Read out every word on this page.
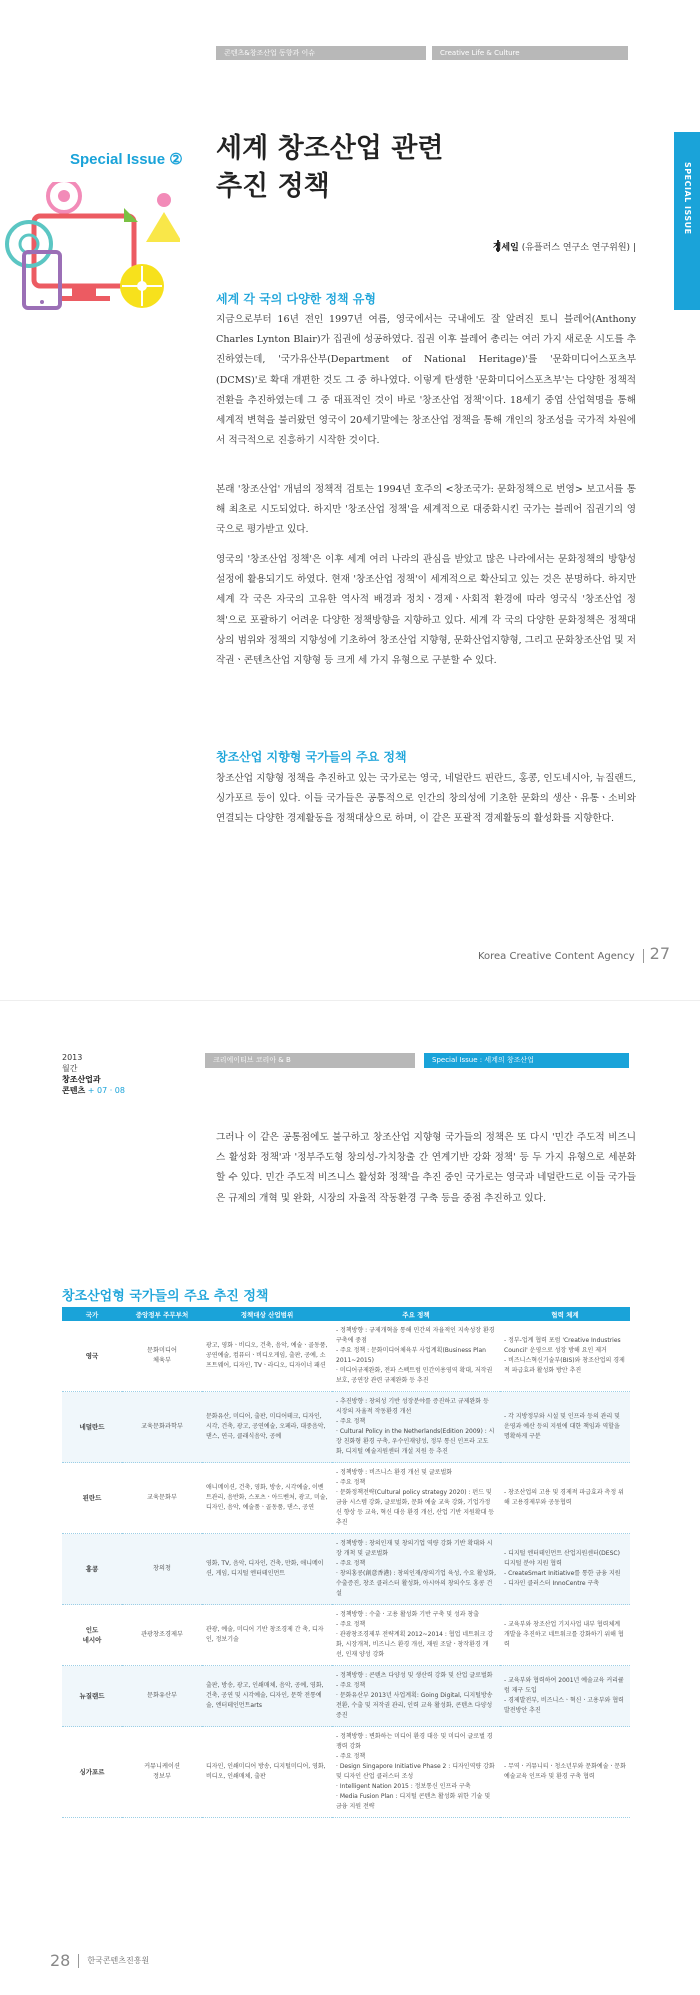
콘텐츠&창조산업 동향과 이슈	Creative Life & Culture
SPECIAL ISSUE
Special Issue ② 세계 창조산업 관련
추진 정책
정세일 (유플러스 연구소 연구위원) |
세계 각 국의 다양한 정책 유형

지금으로부터 16년 전인 1997년 여름, 영국에서는 국내에도 잘 알려진 토니 블레어(Anthony Charles Lynton Blair)가 집권에 성공하였다. 집권 이후 블레어 총리는 여러 가지 새로운 시도를 추진하였는데, '국가유산부(Department of National Heritage)'를 '문화미디어스포츠부(DCMS)'로 확대 개편한 것도 그 중 하나였다. 이렇게 탄생한 '문화미디어스포츠부'는 다양한 정책적 전환을 추진하였는데 그 중 대표적인 것이 바로 '창조산업 정책'이다. 18세기 중엽 산업혁명을 통해 세계적 변혁을 불러왔던 영국이 20세기말에는 창조산업 정책을 통해 개인의 창조성을 국가적 차원에서 적극적으로 진흥하기 시작한 것이다.

본래 '창조산업' 개념의 정책적 검토는 1994년 호주의 <창조국가: 문화정책으로 번영> 보고서를 통해 최초로 시도되었다. 하지만 '창조산업 정책'을 세계적으로 대중화시킨 국가는 블레어 집권기의 영국으로 평가받고 있다.

영국의 '창조산업 정책'은 이후 세계 여러 나라의 관심을 받았고 많은 나라에서는 문화정책의 방향성 설정에 활용되기도 하였다. 현재 '창조산업 정책'이 세계적으로 확산되고 있는 것은 분명하다. 하지만 세계 각 국은 자국의 고유한 역사적 배경과 정치ㆍ경제ㆍ사회적 환경에 따라 영국식 '창조산업 정책'으로 포괄하기 어려운 다양한 정책방향을 지향하고 있다. 세계 각 국의 다양한 문화정책은 정책대상의 범위와 정책의 지향성에 기초하여 창조산업 지향형, 문화산업지향형, 그리고 문화창조산업 및 저작권ㆍ콘텐츠산업 지향형 등 크게 세 가지 유형으로 구분할 수 있다.

창조산업 지향형 국가들의 주요 정책

창조산업 지향형 정책을 추진하고 있는 국가로는 영국, 네덜란드 핀란드, 홍콩, 인도네시아, 뉴질랜드, 싱가포르 등이 있다. 이들 국가들은 공통적으로 인간의 창의성에 기초한 문화의 생산ㆍ유통ㆍ소비와 연결되는 다양한 경제활동을 정책대상으로 하며, 이 같은 포괄적 경제활동의 활성화를 지향한다.

Korea Creative Content Agency 27
2013
월간
창조산업과
콘텐츠 + 07 · 08
크리에이티브 코리아 & B	Special Issue : 세계의 창조산업

그러나 이 같은 공통점에도 불구하고 창조산업 지향형 국가들의 정책은 또 다시 '민간 주도적 비즈니스 활성화 정책'과 '정부주도형 창의성-가치창출 간 연계기반 강화 정책' 등 두 가지 유형으로 세분화 할 수 있다. 민간 주도적 비즈니스 활성화 정책'을 추진 중인 국가로는 영국과 네덜란드로 이들 국가들은 규제의 개혁 및 완화, 시장의 자율적 작동환경 구축 등을 중점 추진하고 있다.

창조산업형 국가들의 주요 추진 정책
국가	중앙정부 주무부처	정책대상 산업범위	주요 정책	협력 체계
영국	문화미디어
체육부	광고, 영화ㆍ비디오, 건축, 음악, 예술ㆍ골동품, 공연예술, 컴퓨터ㆍ비디오게임, 출판, 공예, 소프트웨어, 디자인, TVㆍ라디오, 디자이너 패션	- 정책방향 : 규제개혁을 통해 민간의 자율적인 지속성장 환경 구축에 중점
- 주요 정책 : 문화미디어체육부 사업계획(Business Plan 2011~2015)
· 미디어규제완화, 전파 스펙트럼 민간이용영역 확대, 저작권 보호, 공연장 관련 규제완화 등 추진	- 정부-업계 협력 포럼 'Creative Industries Council' 운영으로 성장 방해 요인 제거
- 비즈니스혁신기술부(BIS)와 창조산업의 경제적 파급효과 활성화 방안 추진
네덜란드	교육문화과학부	문화유산, 미디어, 출판, 미디어테크, 디자인, 시각, 건축, 광고, 공연예술, 오페라, 대중음악, 댄스, 연극, 클래식음악, 공예	- 추진방향 : 창의성 기반 성장분야를 증진하고 규제완화 등 시장의 자율적 작동환경 개선
- 주요 정책
· Cultural Policy in the Netherlands(Edition 2009) : 시장 친화형 환경 구축, 우수인재양성, 정부 통신 인프라 고도화, 디지털 예술지원센터 개설 지원 등 추진	- 각 지방정부와 시설 및 인프라 등의 관리 및 운영과 예산 등의 지원에 대한 책임과 역할을 명확하게 구분
핀란드	교육문화부	애니메이션, 건축, 영화, 방송, 시각예술, 이벤트관리, 음반화, 스포츠ㆍ아드벤처, 광고, 미술, 디자인, 음악, 예술품ㆍ골동품, 댄스, 공연	- 정책방향 : 비즈니스 환경 개선 및 글로벌화
- 주요 정책
· 문화정책전략(Cultural policy strategy 2020) : 펀드 및 금융 시스템 강화, 글로벌화, 문화 예술 교육 강화, 기업가정신 향상 등 교육, 혁신 대응 환경 개선, 산업 기반 지원확대 등 추진	- 창조산업의 고용 및 경제적 파급효과 측정 위해 고용경제부와 공동협력
홍콩	창의청	영화, TV, 음악, 디자인, 건축, 만화, 애니메이션, 게임, 디지털 엔터테인먼트	- 정책방향 : 창의인재 및 창의기업 역량 강화 기반 확대와 시장 개척 및 글로벌화
- 주요 정책
· 창의홍콩(創意香港) : 창의인재/창의기업 육성, 수요 활성화, 수출증진, 창조 클러스터 활성화, 아시아의 창의수도 홍콩 건설	- 디지털 엔터테인먼트 산업지원센터(DESC) 디지털 분야 지원 협력
- CreateSmart Initiative를 통한 금융 지원
- 디자인 클러스터 InnoCentre 구축
인도
네시아	관광창조경제부	관광, 예술, 미디어 기반 창조경제 간 축, 디자인, 정보기술	- 정책방향 : 수출ㆍ고용 활성화 기반 구축 및 성과 창출
- 주요 정책
· 관광창조경제부 전략계획 2012~2014 : 협업 네트워크 강화, 시장개척, 비즈니스 환경 개선, 재원 조달ㆍ창작환경 개선, 인재 양성 강화	- 교육부와 창조산업 기지사업 내부 협력체계 개발을 추진하고 네트워크를 강화하기 위해 협력
뉴질랜드	문화유산부	출판, 방송, 광고, 인쇄매체, 음악, 공예, 영화, 건축, 공연 및 시각예술, 디자인, 문학 전통예술, 엔터테인먼트arts	- 정책방향 : 콘텐츠 다양성 및 생산력 강화 및 산업 글로벌화
- 주요 정책
· 문화유산부 2013년 사업계획: Going Digital, 디지털방송전환, 수출 및 저작권 관리, 인력 교육 활성화, 콘텐츠 다양성 증진	- 교육부와 협력하여 2001년 예술교육 커리큘럼 재구 도입
- 경제발전부, 비즈니스ㆍ혁신ㆍ고용부와 협력 발전방안 추진
싱가포르	커뮤니케이션
정보부	디자인, 인쇄미디어 방송, 디지털미디어, 영화, 비디오, 인쇄매체, 출판	- 정책방향 : 변화하는 미디어 환경 대응 및 미디어 글로벌 경쟁력 강화
- 주요 정책
· Design Singapore Initiative Phase 2 : 디자인역량 강화 및 디자인 산업 클러스터 조성
· Intelligent Nation 2015 : 정보통신 인프라 구축
· Media Fusion Plan : 디지털 콘텐츠 활성화 위한 기술 및 금융 지원 전략	- 무역ㆍ커뮤니티ㆍ청소년부와 문화예술ㆍ문화 예술교육 인프라 및 환경 구축 협력
28 한국콘텐츠진흥원
